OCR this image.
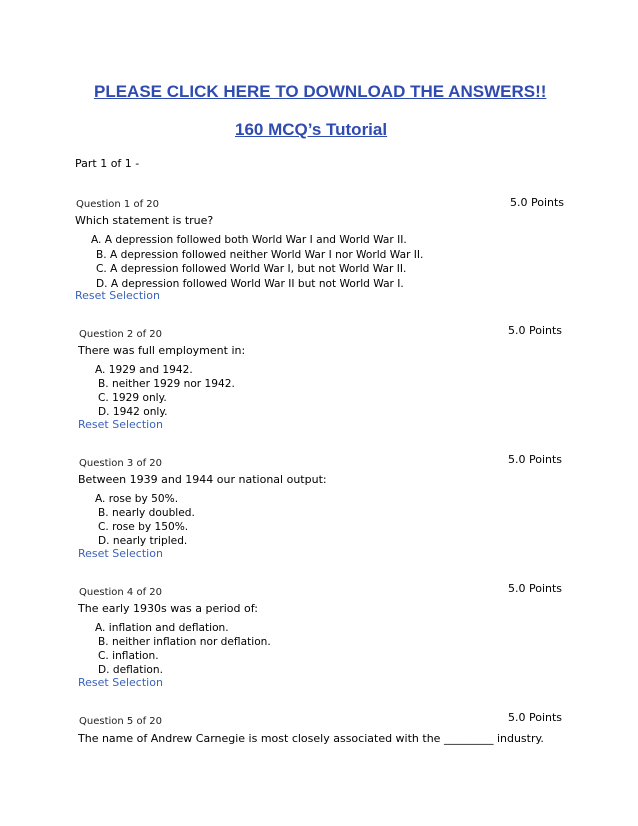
PLEASE CLICK HERE TO DOWNLOAD THE ANSWERS!!
160 MCQ’s Tutorial
Part 1 of 1 -
Question 1 of 20	5.0 Points
Which statement is true?
A. A depression followed both World War I and World War II.
B. A depression followed neither World War I nor World War II.
C. A depression followed World War I, but not World War II.
D. A depression followed World War II but not World War I.
Reset Selection
Question 2 of 20	5.0 Points
There was full employment in:
A. 1929 and 1942.
B. neither 1929 nor 1942.
C. 1929 only.
D. 1942 only.
Reset Selection
Question 3 of 20	5.0 Points
Between 1939 and 1944 our national output:
A. rose by 50%.
B. nearly doubled.
C. rose by 150%.
D. nearly tripled.
Reset Selection
Question 4 of 20	5.0 Points
The early 1930s was a period of:
A. inflation and deflation.
B. neither inflation nor deflation.
C. inflation.
D. deflation.
Reset Selection
Question 5 of 20	5.0 Points
The name of Andrew Carnegie is most closely associated with the _________ industry.
